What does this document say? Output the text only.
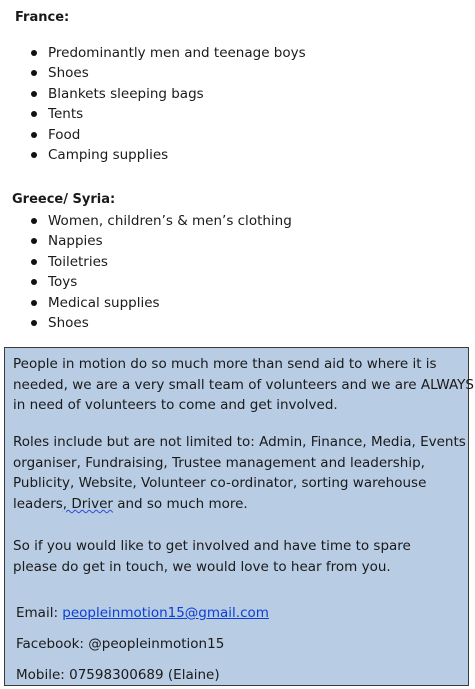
France:
Predominantly men and teenage boys
Shoes
Blankets sleeping bags
Tents
Food
Camping supplies
Greece/ Syria:
Women, children’s & men’s clothing
Nappies
Toiletries
Toys
Medical supplies
Shoes

People in motion do so much more than send aid to where it is
needed, we are a very small team of volunteers and we are ALWAYS
in need of volunteers to come and get involved.

Roles include but are not limited to: Admin, Finance, Media, Events
organiser, Fundraising, Trustee management and leadership,
Publicity, Website, Volunteer co-ordinator, sorting warehouse
leaders, Driver and so much more.

So if you would like to get involved and have time to spare
please do get in touch, we would love to hear from you.

Email: peopleinmotion15@gmail.com

Facebook: @peopleinmotion15

Mobile: 07598300689 (Elaine)
